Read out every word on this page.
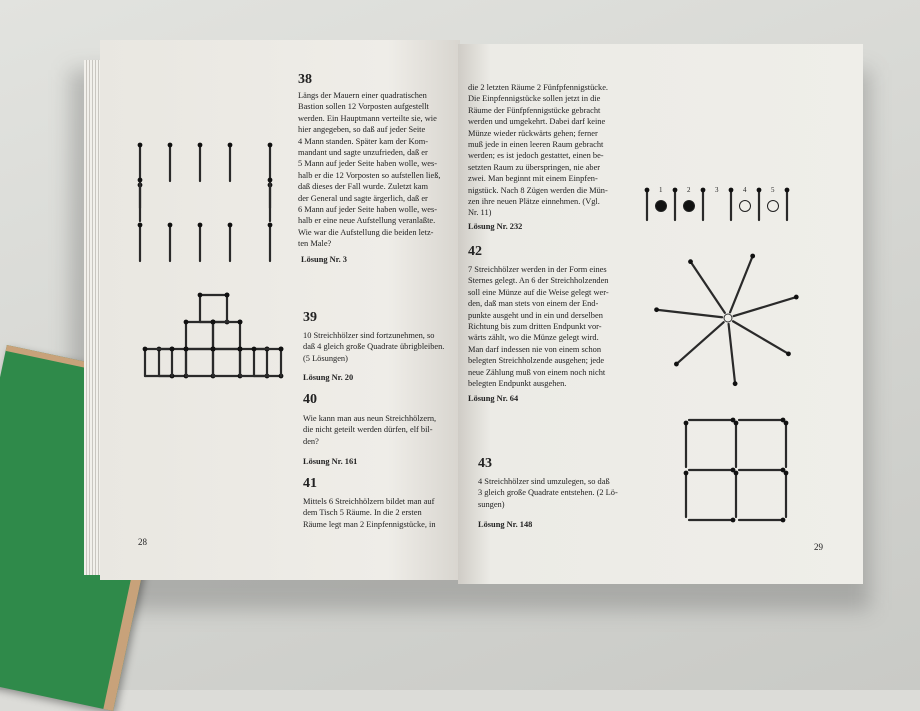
38
Längs der Mauern einer quadratischen
Bastion sollen 12 Vorposten aufgestellt
werden. Ein Hauptmann verteilte sie, wie
hier angegeben, so daß auf jeder Seite
4 Mann standen. Später kam der Kom-
mandant und sagte unzufrieden, daß er
5 Mann auf jeder Seite haben wolle, wes-
halb er die 12 Vorposten so aufstellen ließ,
daß dieses der Fall wurde. Zuletzt kam
der General und sagte ärgerlich, daß er
6 Mann auf jeder Seite haben wolle, wes-
halb er eine neue Aufstellung veranlaßte.
Wie war die Aufstellung die beiden letz-
ten Male?
Lösung Nr. 3
39
10 Streichhölzer sind fortzunehmen, so
daß 4 gleich große Quadrate übrigbleiben.
(5 Lösungen)
Lösung Nr. 20
40
Wie kann man aus neun Streichhölzern,
die nicht geteilt werden dürfen, elf bil-
den?
Lösung Nr. 161
41
Mittels 6 Streichhölzern bildet man auf
dem Tisch 5 Räume. In die 2 ersten
Räume legt man 2 Einpfennigstücke, in
28
die 2 letzten Räume 2 Fünfpfennigstücke.
Die Einpfennigstücke sollen jetzt in die
Räume der Fünfpfennigstücke gebracht
werden und umgekehrt. Dabei darf keine
Münze wieder rückwärts gehen; ferner
muß jede in einen leeren Raum gebracht
werden; es ist jedoch gestattet, einen be-
setzten Raum zu überspringen, nie aber
zwei. Man beginnt mit einem Einpfen-
nigstück. Nach 8 Zügen werden die Mün-
zen ihre neuen Plätze einnehmen. (Vgl.
Nr. 11)
Lösung Nr. 232
1	2	3	4	5
42
7 Streichhölzer werden in der Form eines
Sternes gelegt. An 6 der Streichholzenden
soll eine Münze auf die Weise gelegt wer-
den, daß man stets von einem der End-
punkte ausgeht und in ein und derselben
Richtung bis zum dritten Endpunkt vor-
wärts zählt, wo die Münze gelegt wird.
Man darf indessen nie von einem schon
belegten Streichholzende ausgehen; jede
neue Zählung muß von einem noch nicht
belegten Endpunkt ausgehen.
Lösung Nr. 64
43
4 Streichhölzer sind umzulegen, so daß
3 gleich große Quadrate entstehen. (2 Lö-
sungen)
Lösung Nr. 148
29
